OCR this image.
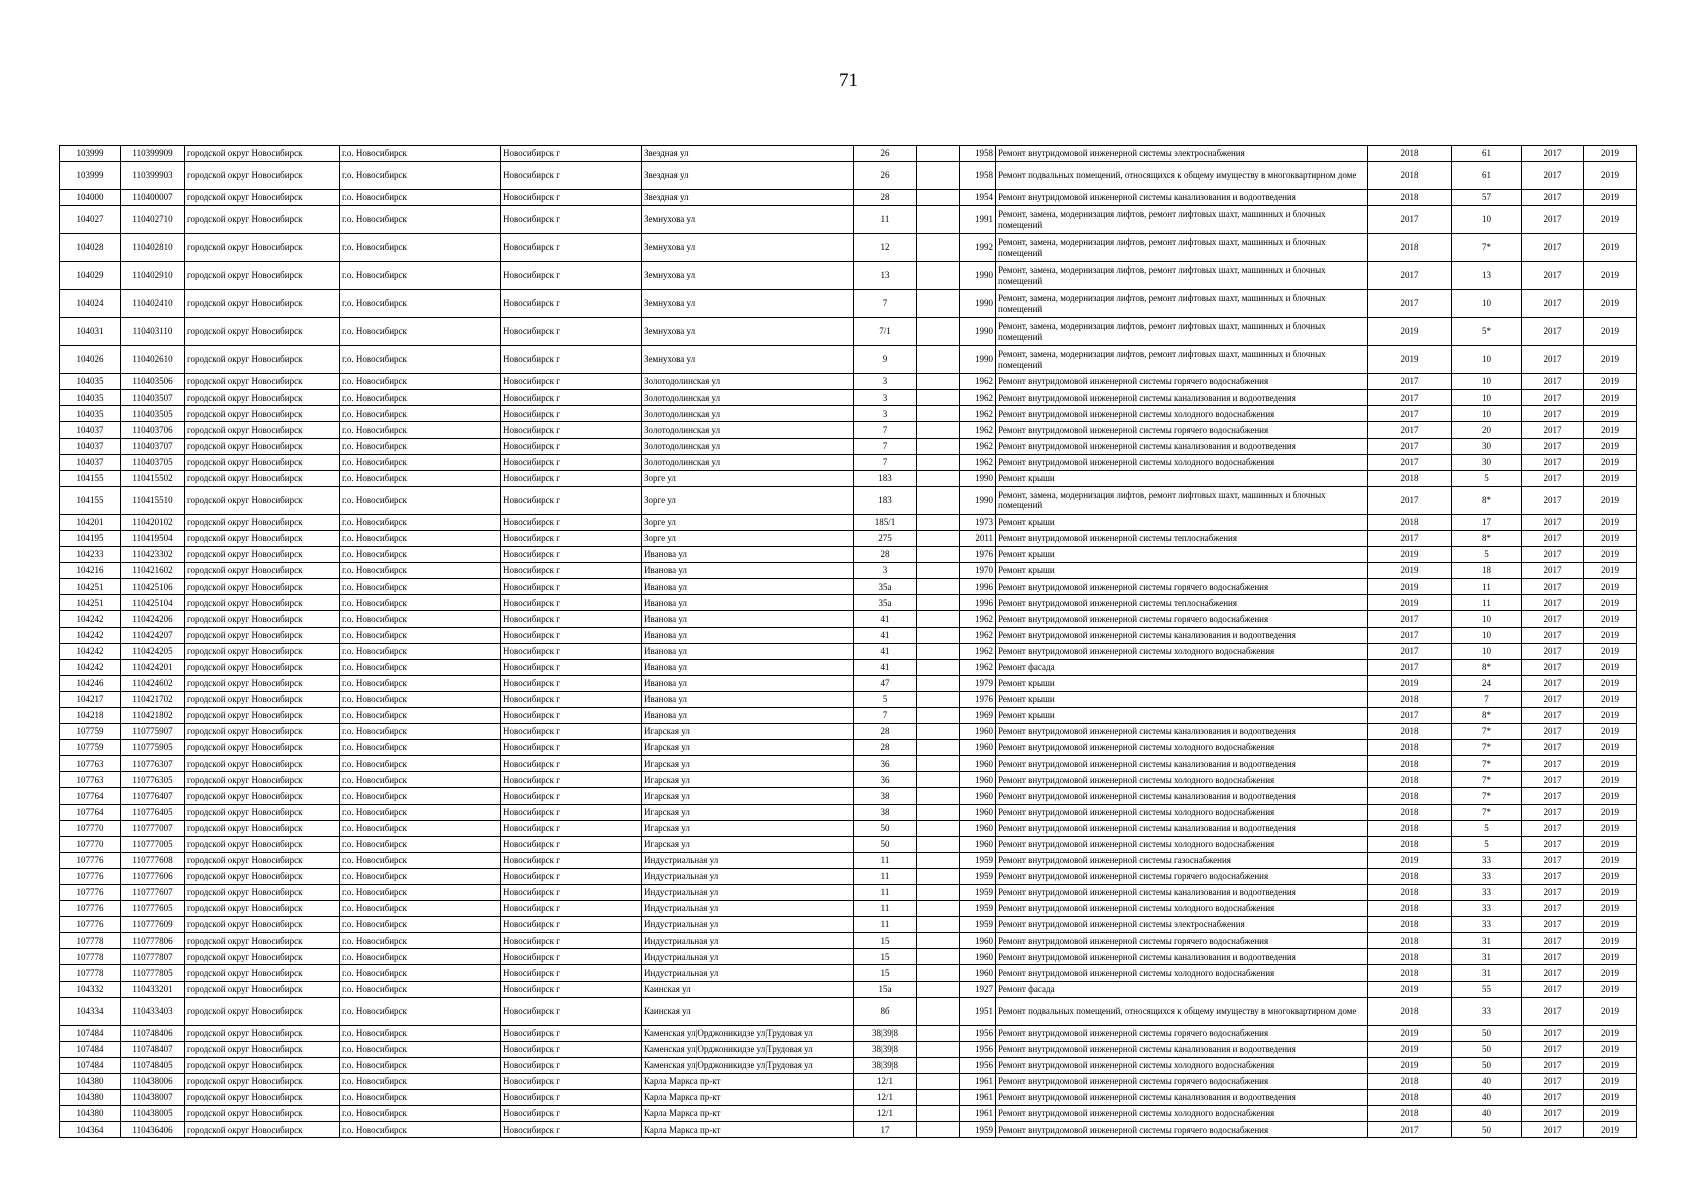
71
103999	110399909	городской округ Новосибирск	г.о. Новосибирск	Новосибирск г	Звездная ул	26		1958	Ремонт внутридомовой инженерной системы электроснабжения	2018	61	2017	2019
103999	110399903	городской округ Новосибирск	г.о. Новосибирск	Новосибирск г	Звездная ул	26		1958	Ремонт подвальных помещений, относящихся к общему имуществу в многоквартирном доме	2018	61	2017	2019
104000	110400007	городской округ Новосибирск	г.о. Новосибирск	Новосибирск г	Звездная ул	28		1954	Ремонт внутридомовой инженерной системы канализования и водоотведения	2018	57	2017	2019
104027	110402710	городской округ Новосибирск	г.о. Новосибирск	Новосибирск г	Земнухова ул	11		1991	Ремонт, замена, модернизация лифтов, ремонт лифтовых шахт, машинных и блочных помещений	2017	10	2017	2019
104028	110402810	городской округ Новосибирск	г.о. Новосибирск	Новосибирск г	Земнухова ул	12		1992	Ремонт, замена, модернизация лифтов, ремонт лифтовых шахт, машинных и блочных помещений	2018	7*	2017	2019
104029	110402910	городской округ Новосибирск	г.о. Новосибирск	Новосибирск г	Земнухова ул	13		1990	Ремонт, замена, модернизация лифтов, ремонт лифтовых шахт, машинных и блочных помещений	2017	13	2017	2019
104024	110402410	городской округ Новосибирск	г.о. Новосибирск	Новосибирск г	Земнухова ул	7		1990	Ремонт, замена, модернизация лифтов, ремонт лифтовых шахт, машинных и блочных помещений	2017	10	2017	2019
104031	110403110	городской округ Новосибирск	г.о. Новосибирск	Новосибирск г	Земнухова ул	7/1		1990	Ремонт, замена, модернизация лифтов, ремонт лифтовых шахт, машинных и блочных помещений	2019	5*	2017	2019
104026	110402610	городской округ Новосибирск	г.о. Новосибирск	Новосибирск г	Земнухова ул	9		1990	Ремонт, замена, модернизация лифтов, ремонт лифтовых шахт, машинных и блочных помещений	2019	10	2017	2019
104035	110403506	городской округ Новосибирск	г.о. Новосибирск	Новосибирск г	Золотодолинская ул	3		1962	Ремонт внутридомовой инженерной системы горячего водоснабжения	2017	10	2017	2019
104035	110403507	городской округ Новосибирск	г.о. Новосибирск	Новосибирск г	Золотодолинская ул	3		1962	Ремонт внутридомовой инженерной системы канализования и водоотведения	2017	10	2017	2019
104035	110403505	городской округ Новосибирск	г.о. Новосибирск	Новосибирск г	Золотодолинская ул	3		1962	Ремонт внутридомовой инженерной системы холодного водоснабжения	2017	10	2017	2019
104037	110403706	городской округ Новосибирск	г.о. Новосибирск	Новосибирск г	Золотодолинская ул	7		1962	Ремонт внутридомовой инженерной системы горячего водоснабжения	2017	20	2017	2019
104037	110403707	городской округ Новосибирск	г.о. Новосибирск	Новосибирск г	Золотодолинская ул	7		1962	Ремонт внутридомовой инженерной системы канализования и водоотведения	2017	30	2017	2019
104037	110403705	городской округ Новосибирск	г.о. Новосибирск	Новосибирск г	Золотодолинская ул	7		1962	Ремонт внутридомовой инженерной системы холодного водоснабжения	2017	30	2017	2019
104155	110415502	городской округ Новосибирск	г.о. Новосибирск	Новосибирск г	Зорге ул	183		1990	Ремонт крыши	2018	5	2017	2019
104155	110415510	городской округ Новосибирск	г.о. Новосибирск	Новосибирск г	Зорге ул	183		1990	Ремонт, замена, модернизация лифтов, ремонт лифтовых шахт, машинных и блочных помещений	2017	8*	2017	2019
104201	110420102	городской округ Новосибирск	г.о. Новосибирск	Новосибирск г	Зорге ул	185/1		1973	Ремонт крыши	2018	17	2017	2019
104195	110419504	городской округ Новосибирск	г.о. Новосибирск	Новосибирск г	Зорге ул	275		2011	Ремонт внутридомовой инженерной системы теплоснабжения	2017	8*	2017	2019
104233	110423302	городской округ Новосибирск	г.о. Новосибирск	Новосибирск г	Иванова ул	28		1976	Ремонт крыши	2019	5	2017	2019
104216	110421602	городской округ Новосибирск	г.о. Новосибирск	Новосибирск г	Иванова ул	3		1970	Ремонт крыши	2019	18	2017	2019
104251	110425106	городской округ Новосибирск	г.о. Новосибирск	Новосибирск г	Иванова ул	35а		1996	Ремонт внутридомовой инженерной системы горячего водоснабжения	2019	11	2017	2019
104251	110425104	городской округ Новосибирск	г.о. Новосибирск	Новосибирск г	Иванова ул	35а		1996	Ремонт внутридомовой инженерной системы теплоснабжения	2019	11	2017	2019
104242	110424206	городской округ Новосибирск	г.о. Новосибирск	Новосибирск г	Иванова ул	41		1962	Ремонт внутридомовой инженерной системы горячего водоснабжения	2017	10	2017	2019
104242	110424207	городской округ Новосибирск	г.о. Новосибирск	Новосибирск г	Иванова ул	41		1962	Ремонт внутридомовой инженерной системы канализования и водоотведения	2017	10	2017	2019
104242	110424205	городской округ Новосибирск	г.о. Новосибирск	Новосибирск г	Иванова ул	41		1962	Ремонт внутридомовой инженерной системы холодного водоснабжения	2017	10	2017	2019
104242	110424201	городской округ Новосибирск	г.о. Новосибирск	Новосибирск г	Иванова ул	41		1962	Ремонт фасада	2017	8*	2017	2019
104246	110424602	городской округ Новосибирск	г.о. Новосибирск	Новосибирск г	Иванова ул	47		1979	Ремонт крыши	2019	24	2017	2019
104217	110421702	городской округ Новосибирск	г.о. Новосибирск	Новосибирск г	Иванова ул	5		1976	Ремонт крыши	2018	7	2017	2019
104218	110421802	городской округ Новосибирск	г.о. Новосибирск	Новосибирск г	Иванова ул	7		1969	Ремонт крыши	2017	8*	2017	2019
107759	110775907	городской округ Новосибирск	г.о. Новосибирск	Новосибирск г	Игарская ул	28		1960	Ремонт внутридомовой инженерной системы канализования и водоотведения	2018	7*	2017	2019
107759	110775905	городской округ Новосибирск	г.о. Новосибирск	Новосибирск г	Игарская ул	28		1960	Ремонт внутридомовой инженерной системы холодного водоснабжения	2018	7*	2017	2019
107763	110776307	городской округ Новосибирск	г.о. Новосибирск	Новосибирск г	Игарская ул	36		1960	Ремонт внутридомовой инженерной системы канализования и водоотведения	2018	7*	2017	2019
107763	110776305	городской округ Новосибирск	г.о. Новосибирск	Новосибирск г	Игарская ул	36		1960	Ремонт внутридомовой инженерной системы холодного водоснабжения	2018	7*	2017	2019
107764	110776407	городской округ Новосибирск	г.о. Новосибирск	Новосибирск г	Игарская ул	38		1960	Ремонт внутридомовой инженерной системы канализования и водоотведения	2018	7*	2017	2019
107764	110776405	городской округ Новосибирск	г.о. Новосибирск	Новосибирск г	Игарская ул	38		1960	Ремонт внутридомовой инженерной системы холодного водоснабжения	2018	7*	2017	2019
107770	110777007	городской округ Новосибирск	г.о. Новосибирск	Новосибирск г	Игарская ул	50		1960	Ремонт внутридомовой инженерной системы канализования и водоотведения	2018	5	2017	2019
107770	110777005	городской округ Новосибирск	г.о. Новосибирск	Новосибирск г	Игарская ул	50		1960	Ремонт внутридомовой инженерной системы холодного водоснабжения	2018	5	2017	2019
107776	110777608	городской округ Новосибирск	г.о. Новосибирск	Новосибирск г	Индустриальная ул	11		1959	Ремонт внутридомовой инженерной системы газоснабжения	2019	33	2017	2019
107776	110777606	городской округ Новосибирск	г.о. Новосибирск	Новосибирск г	Индустриальная ул	11		1959	Ремонт внутридомовой инженерной системы горячего водоснабжения	2018	33	2017	2019
107776	110777607	городской округ Новосибирск	г.о. Новосибирск	Новосибирск г	Индустриальная ул	11		1959	Ремонт внутридомовой инженерной системы канализования и водоотведения	2018	33	2017	2019
107776	110777605	городской округ Новосибирск	г.о. Новосибирск	Новосибирск г	Индустриальная ул	11		1959	Ремонт внутридомовой инженерной системы холодного водоснабжения	2018	33	2017	2019
107776	110777609	городской округ Новосибирск	г.о. Новосибирск	Новосибирск г	Индустриальная ул	11		1959	Ремонт внутридомовой инженерной системы электроснабжения	2018	33	2017	2019
107778	110777806	городской округ Новосибирск	г.о. Новосибирск	Новосибирск г	Индустриальная ул	15		1960	Ремонт внутридомовой инженерной системы горячего водоснабжения	2018	31	2017	2019
107778	110777807	городской округ Новосибирск	г.о. Новосибирск	Новосибирск г	Индустриальная ул	15		1960	Ремонт внутридомовой инженерной системы канализования и водоотведения	2018	31	2017	2019
107778	110777805	городской округ Новосибирск	г.о. Новосибирск	Новосибирск г	Индустриальная ул	15		1960	Ремонт внутридомовой инженерной системы холодного водоснабжения	2018	31	2017	2019
104332	110433201	городской округ Новосибирск	г.о. Новосибирск	Новосибирск г	Каинская ул	15а		1927	Ремонт фасада	2019	55	2017	2019
104334	110433403	городской округ Новосибирск	г.о. Новосибирск	Новосибирск г	Каинская ул	8б		1951	Ремонт подвальных помещений, относящихся к общему имуществу в многоквартирном доме	2018	33	2017	2019
107484	110748406	городской округ Новосибирск	г.о. Новосибирск	Новосибирск г	Каменская ул|Орджоникидзе ул|Трудовая ул	38|39|8		1956	Ремонт внутридомовой инженерной системы горячего водоснабжения	2019	50	2017	2019
107484	110748407	городской округ Новосибирск	г.о. Новосибирск	Новосибирск г	Каменская ул|Орджоникидзе ул|Трудовая ул	38|39|8		1956	Ремонт внутридомовой инженерной системы канализования и водоотведения	2019	50	2017	2019
107484	110748405	городской округ Новосибирск	г.о. Новосибирск	Новосибирск г	Каменская ул|Орджоникидзе ул|Трудовая ул	38|39|8		1956	Ремонт внутридомовой инженерной системы холодного водоснабжения	2019	50	2017	2019
104380	110438006	городской округ Новосибирск	г.о. Новосибирск	Новосибирск г	Карла Маркса пр-кт	12/1		1961	Ремонт внутридомовой инженерной системы горячего водоснабжения	2018	40	2017	2019
104380	110438007	городской округ Новосибирск	г.о. Новосибирск	Новосибирск г	Карла Маркса пр-кт	12/1		1961	Ремонт внутридомовой инженерной системы канализования и водоотведения	2018	40	2017	2019
104380	110438005	городской округ Новосибирск	г.о. Новосибирск	Новосибирск г	Карла Маркса пр-кт	12/1		1961	Ремонт внутридомовой инженерной системы холодного водоснабжения	2018	40	2017	2019
104364	110436406	городской округ Новосибирск	г.о. Новосибирск	Новосибирск г	Карла Маркса пр-кт	17		1959	Ремонт внутридомовой инженерной системы горячего водоснабжения	2017	50	2017	2019
